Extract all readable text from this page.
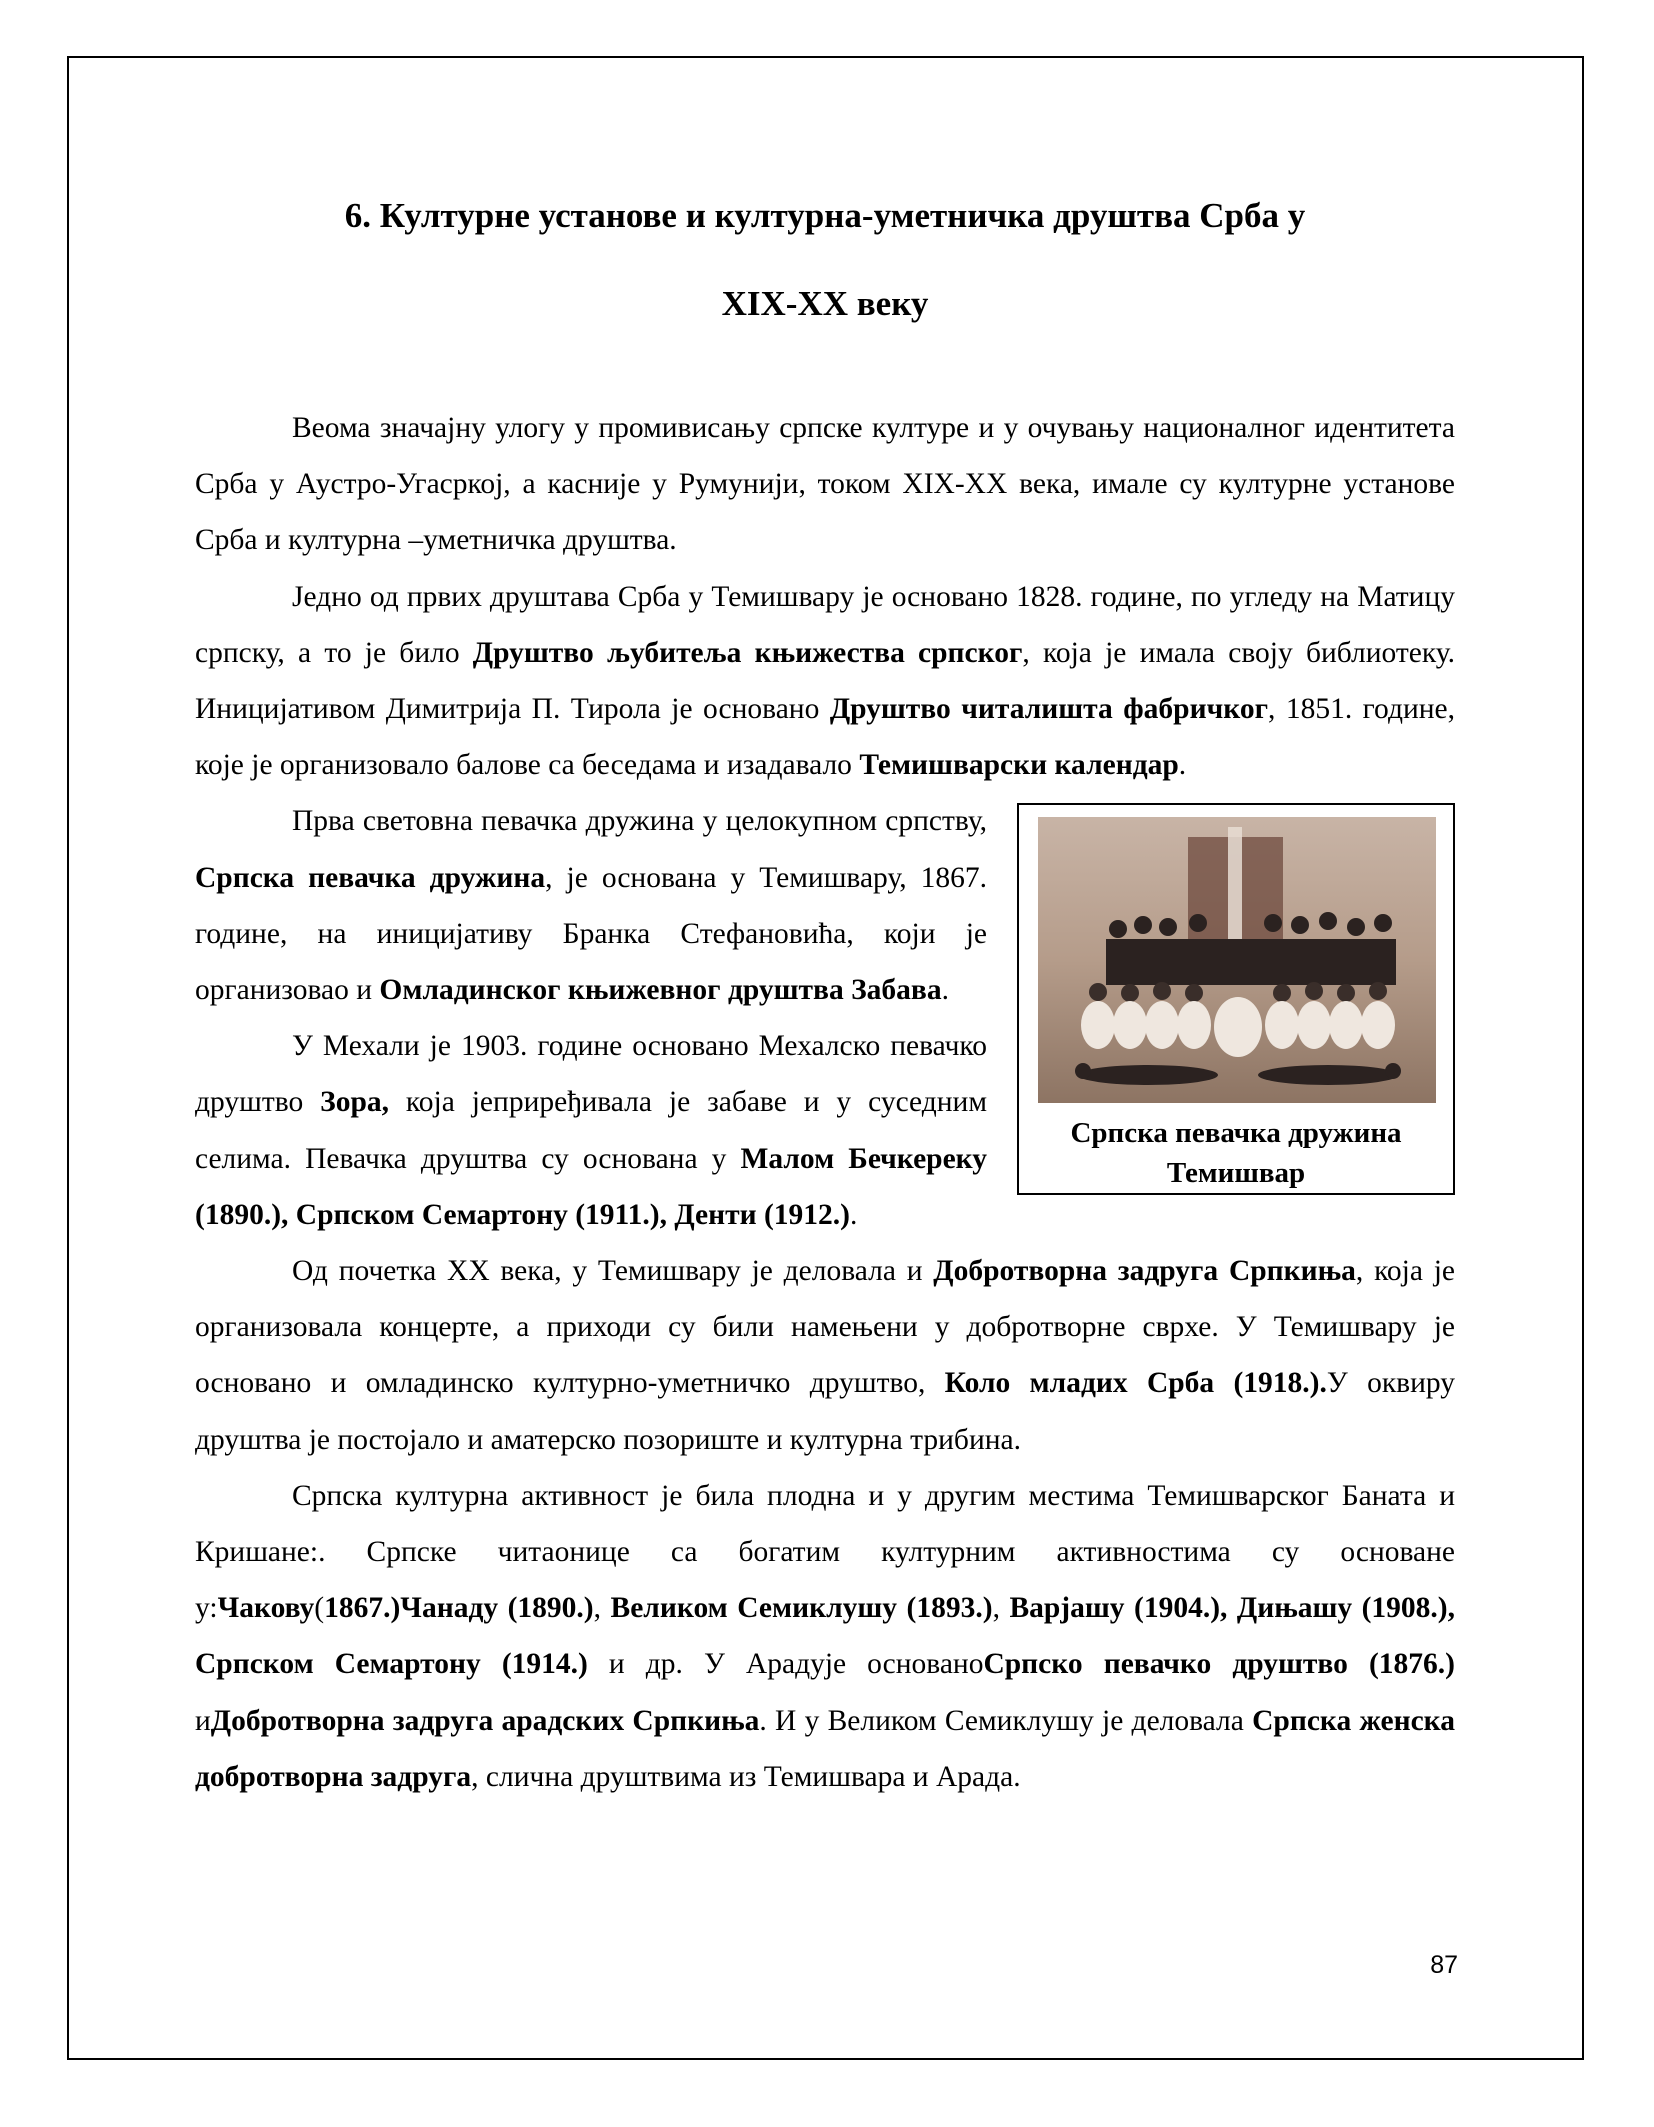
6. Културне установе и културна-уметничка друштва Срба у
XIX-XX веку

Веома значајну улогу у промивисању српске културе и у очувању националног идентитета Срба у Аустро-Угасркој, а касније у Румунији, током XIX-XX века, имале су културне установе Срба и културна –уметничка друштва.

Једно од првих друштава Срба у Темишвару је основано 1828. године, по угледу на Матицу српску, а то је било Друштво љубитеља књижества српског, која је имала своју библиотеку. Иницијативом Димитрија П. Тирола је основано Друштво читалишта фабричког, 1851. године, које је организовало балове са беседама и изадавало Темишварски календар.

Српска певачка дружина
Темишвар

Прва световна певачка дружина у целокупном српству, Српска певачка дружина, је основана у Темишвару, 1867. године, на иницијативу Бранка Стефановића, који је организовао и Омладинског књижевног друштва Забава.

У Мехали је 1903. године основано Мехалско певачко друштво Зора, која јеприређивала је забаве и у суседним селима. Певачка друштва су основана у Малом Бечкереку (1890.), Српском Семартону (1911.), Денти (1912.).

Од почетка XX века, у Темишвару је деловала и Добротворна задруга Српкиња, која је организовала концерте, а приходи су били намењени у добротворне сврхе. У Темишвару је основано и омладинско културно-уметничко друштво, Коло младих Срба (1918.).У оквиру друштва је постојало и аматерско позориште и културна трибина.

Српска културна активност је била плодна и у другим местима Темишварског Баната и Кришане:. Српске читаонице са богатим културним активностима су основане у:Чакову(1867.)Чанаду (1890.), Великом Семиклушу (1893.), Варјашу (1904.), Дињашу (1908.), Српском Семартону (1914.) и др. У Арадује основаноСрпско певачко друштво (1876.) иДобротворна задруга арадских Српкиња. И у Великом Семиклушу је деловала Српска женска добротворна задруга, слична друштвима из Темишвара и Арада.

87
